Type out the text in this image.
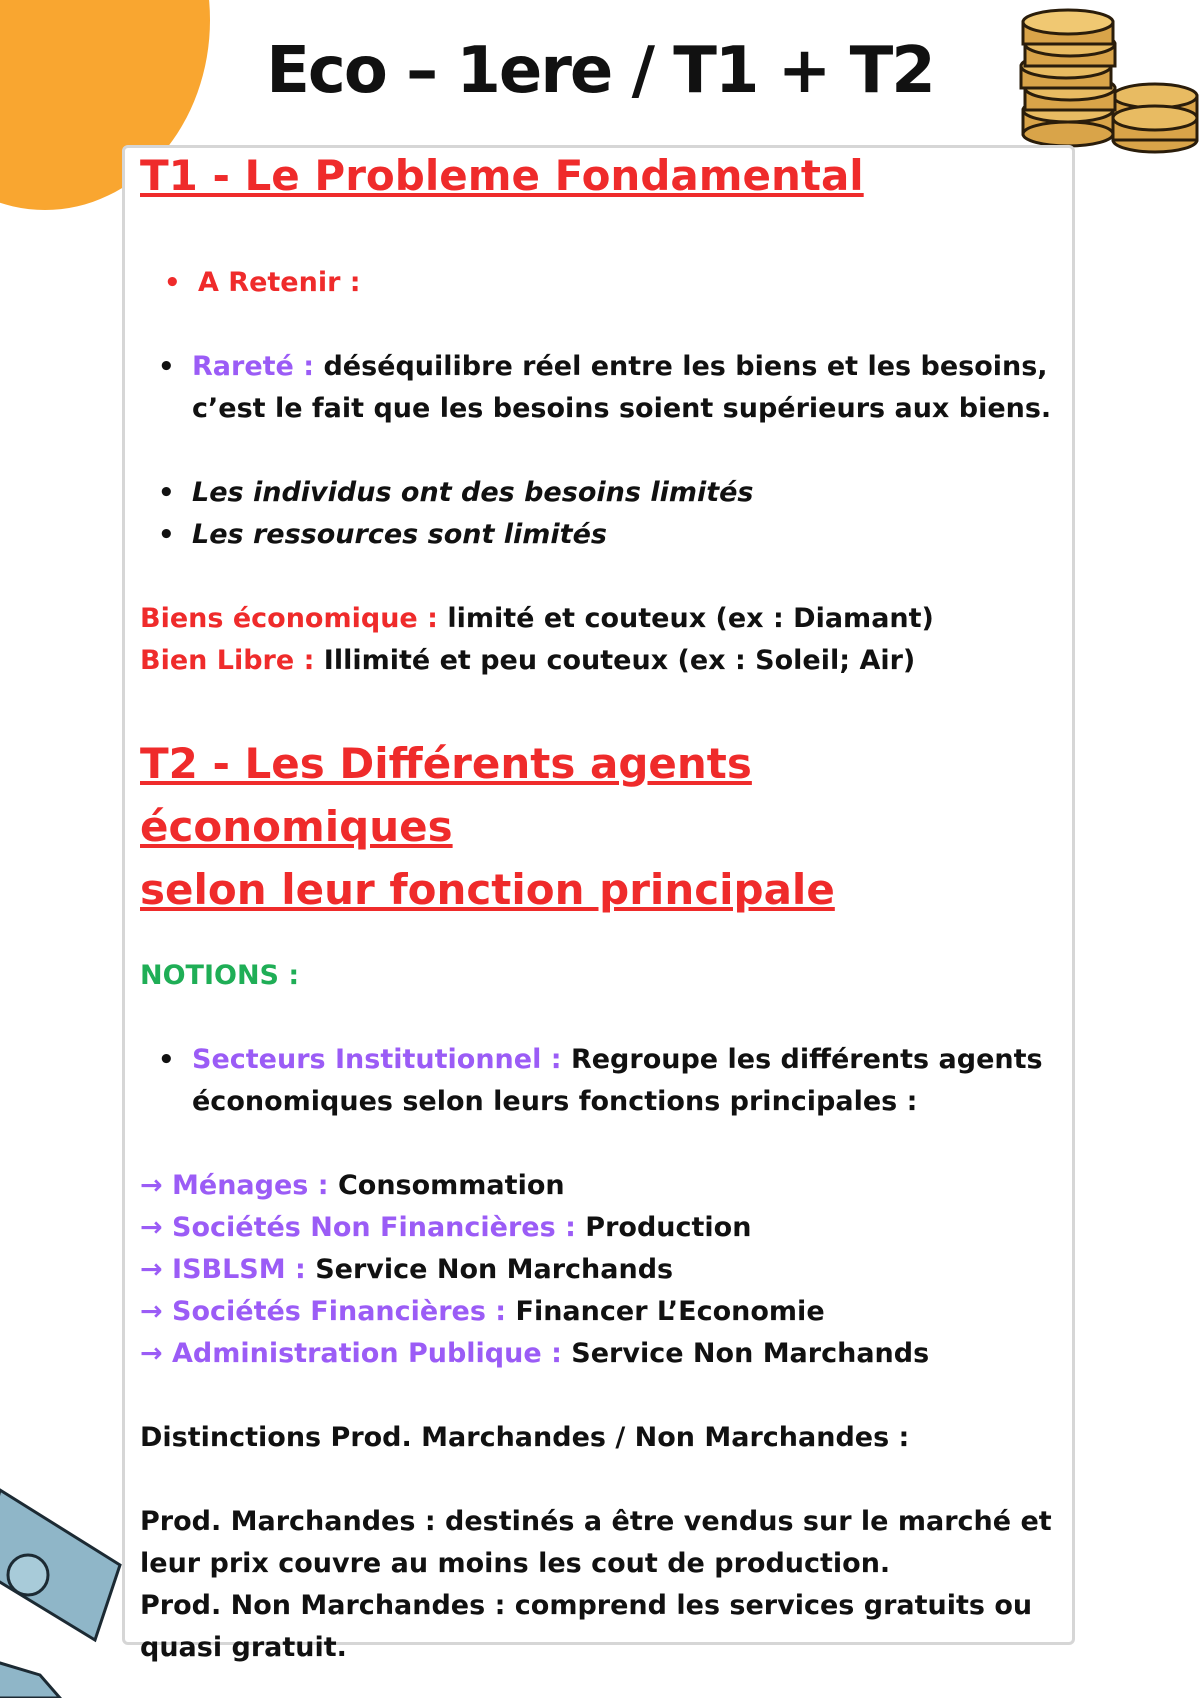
Eco – 1ere / T1 + T2
T1 - Le Probleme Fondamental
• A Retenir :
• Rareté : déséquilibre réel entre les biens et les besoins,
c’est le fait que les besoins soient supérieurs aux biens.
• Les individus ont des besoins limités
• Les ressources sont limités
Biens économique : limité et couteux (ex : Diamant)
Bien Libre : Illimité et peu couteux (ex : Soleil; Air)
T2 - Les Différents agents économiques
selon leur fonction principale
NOTIONS :
• Secteurs Institutionnel : Regroupe les différents agents
économiques selon leurs fonctions principales :
→ Ménages : Consommation
→ Sociétés Non Financières : Production
→ ISBLSM : Service Non Marchands
→ Sociétés Financières : Financer L’Economie
→ Administration Publique : Service Non Marchands
Distinctions Prod. Marchandes / Non Marchandes :
Prod. Marchandes : destinés a être vendus sur le marché et
leur prix couvre au moins les cout de production.
Prod. Non Marchandes : comprend les services gratuits ou
quasi gratuit.
